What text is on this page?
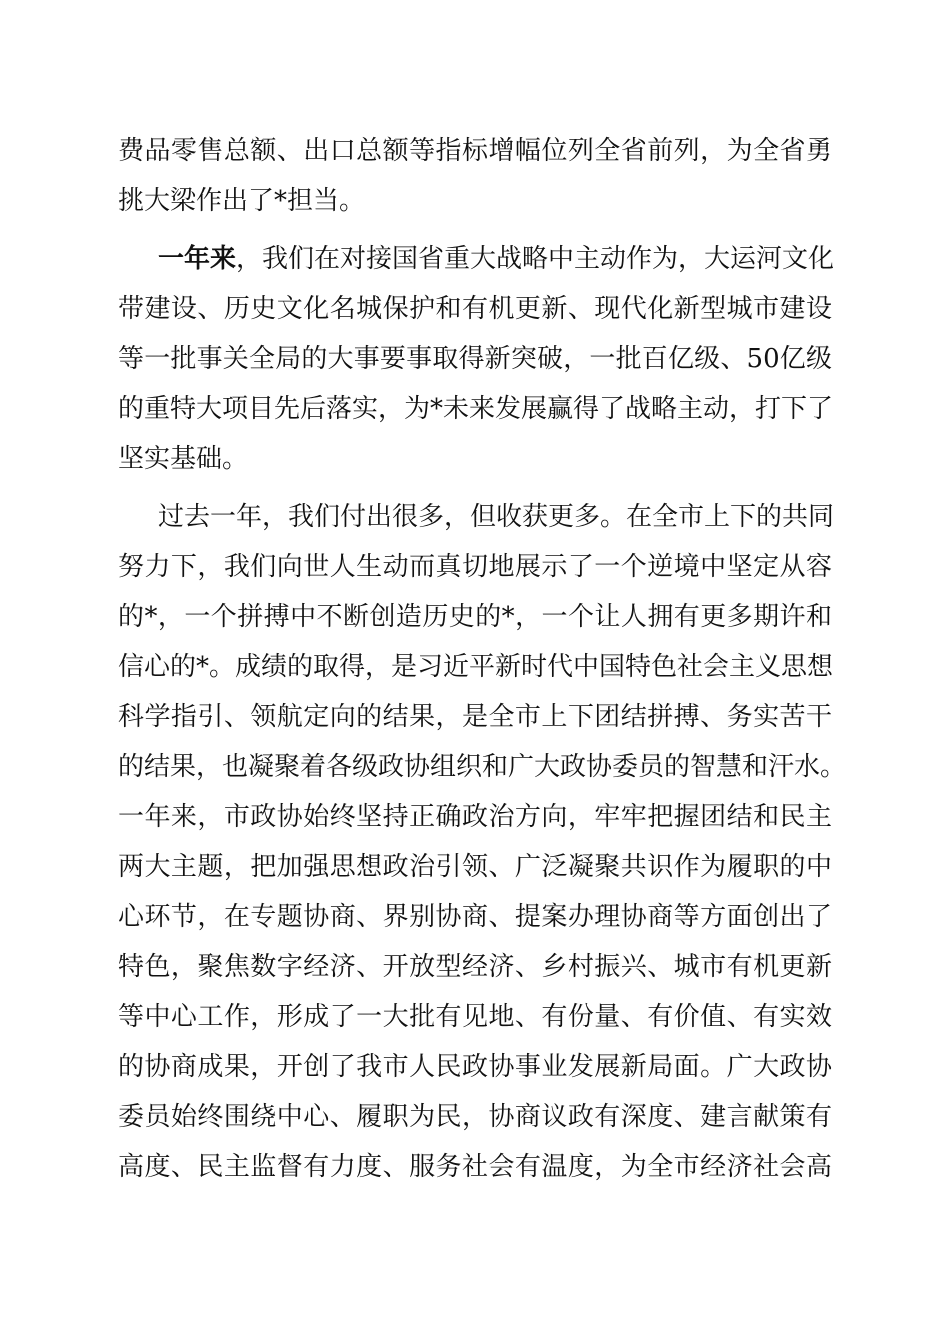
费品零售总额、出口总额等指标增幅位列全省前列，为全省勇
挑大梁作出了*担当。
一年来，我们在对接国省重大战略中主动作为，大运河文化
带建设、历史文化名城保护和有机更新、现代化新型城市建设
等一批事关全局的大事要事取得新突破，一批百亿级、50亿级
的重特大项目先后落实，为*未来发展赢得了战略主动，打下了
坚实基础。
过去一年，我们付出很多，但收获更多。在全市上下的共同
努力下，我们向世人生动而真切地展示了一个逆境中坚定从容
的*，一个拼搏中不断创造历史的*，一个让人拥有更多期许和
信心的*。成绩的取得，是习近平新时代中国特色社会主义思想
科学指引、领航定向的结果，是全市上下团结拼搏、务实苦干
的结果，也凝聚着各级政协组织和广大政协委员的智慧和汗水。
一年来，市政协始终坚持正确政治方向，牢牢把握团结和民主
两大主题，把加强思想政治引领、广泛凝聚共识作为履职的中
心环节，在专题协商、界别协商、提案办理协商等方面创出了
特色，聚焦数字经济、开放型经济、乡村振兴、城市有机更新
等中心工作，形成了一大批有见地、有份量、有价值、有实效
的协商成果，开创了我市人民政协事业发展新局面。广大政协
委员始终围绕中心、履职为民，协商议政有深度、建言献策有
高度、民主监督有力度、服务社会有温度，为全市经济社会高
